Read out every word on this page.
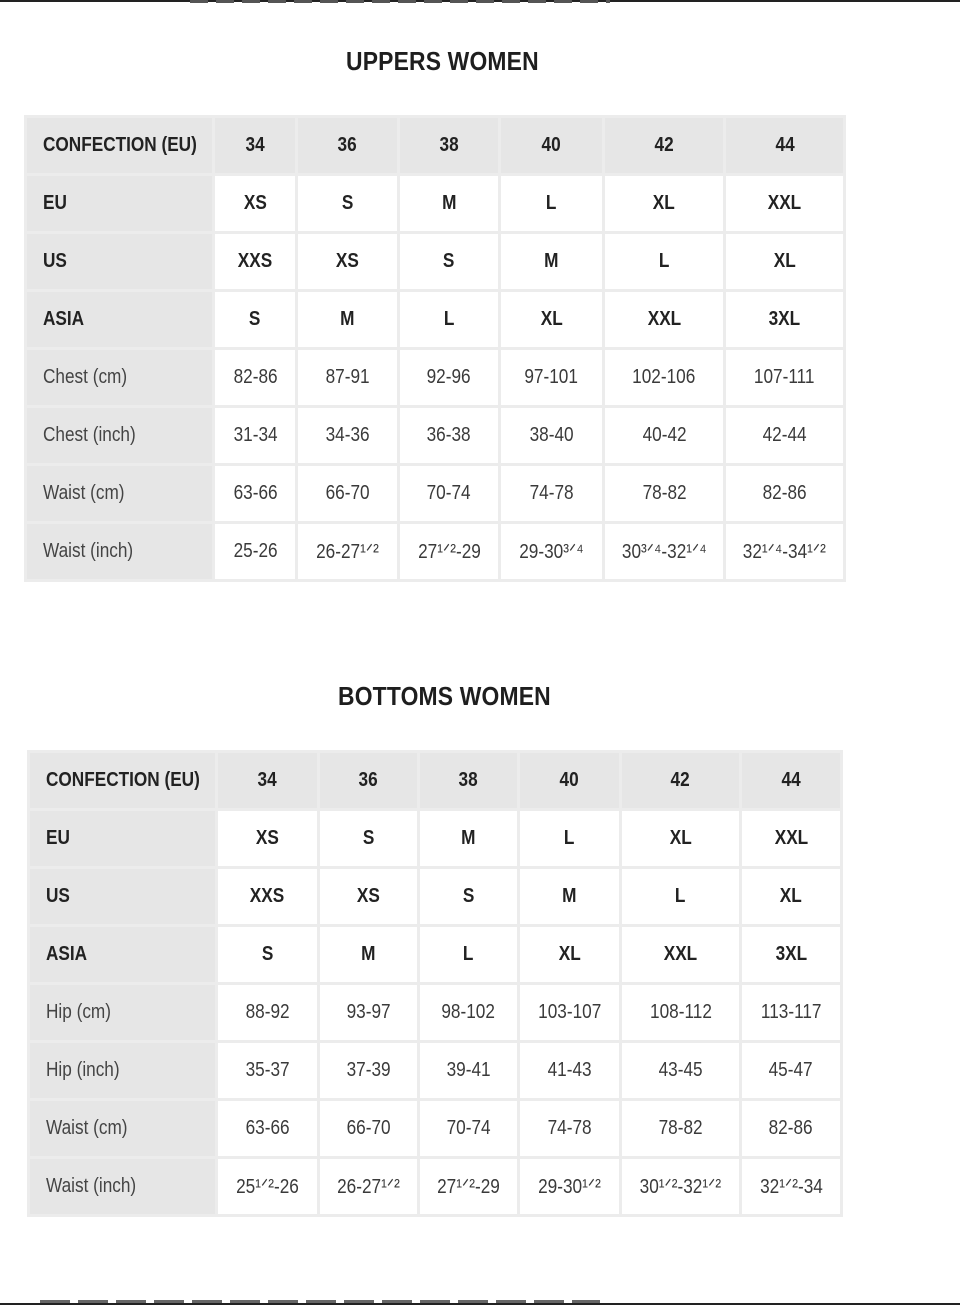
UPPERS WOMEN
CONFECTION (EU)	34	36	38	40	42	44
EU	XS	S	M	L	XL	XXL
US	XXS	XS	S	M	L	XL
ASIA	S	M	L	XL	XXL	3XL
Chest (cm)	82-86	87-91	92-96	97-101	102-106	107-111
Chest (inch)	31-34	34-36	36-38	38-40	40-42	42-44
Waist (cm)	63-66	66-70	70-74	74-78	78-82	82-86
Waist (inch)	25-26	26-27¹ᐟ²	27¹ᐟ²-29	29-30³ᐟ⁴	30³ᐟ⁴-32¹ᐟ⁴	32¹ᐟ⁴-34¹ᐟ²
BOTTOMS WOMEN
CONFECTION (EU)	34	36	38	40	42	44
EU	XS	S	M	L	XL	XXL
US	XXS	XS	S	M	L	XL
ASIA	S	M	L	XL	XXL	3XL
Hip (cm)	88-92	93-97	98-102	103-107	108-112	113-117
Hip (inch)	35-37	37-39	39-41	41-43	43-45	45-47
Waist (cm)	63-66	66-70	70-74	74-78	78-82	82-86
Waist (inch)	25¹ᐟ²-26	26-27¹ᐟ²	27¹ᐟ²-29	29-30¹ᐟ²	30¹ᐟ²-32¹ᐟ²	32¹ᐟ²-34
